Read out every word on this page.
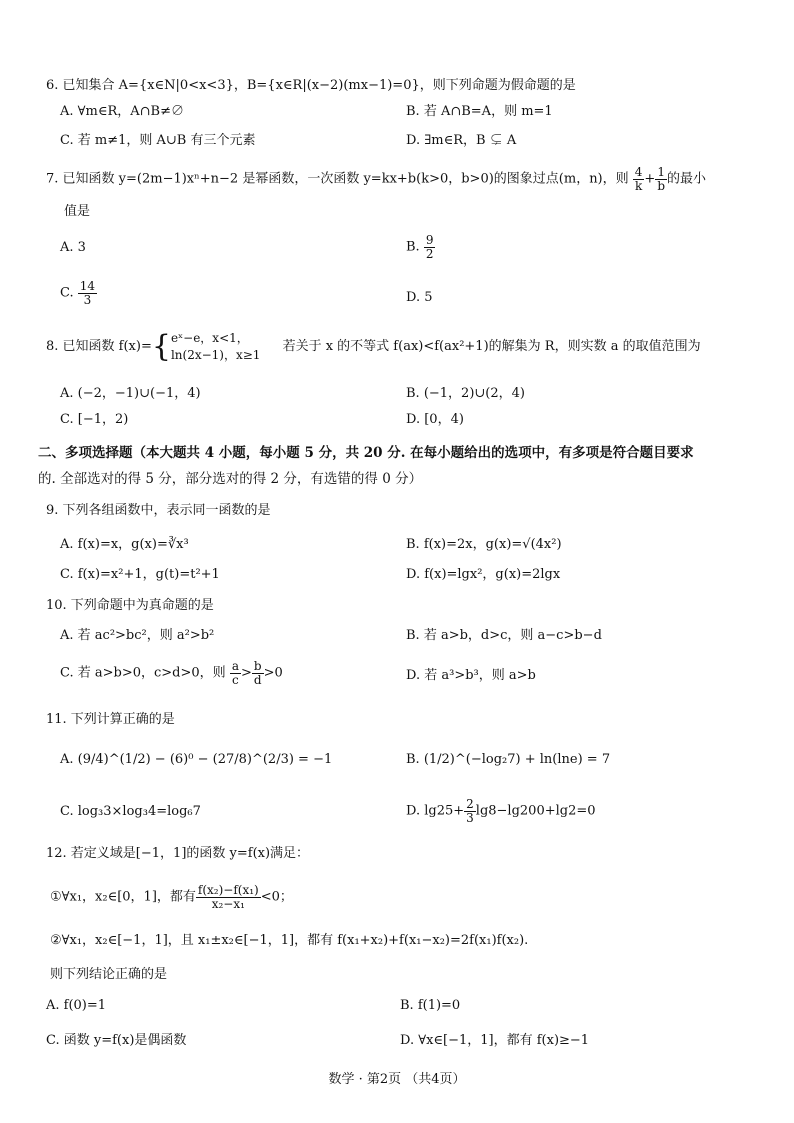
6. 已知集合 A={x∈N|0<x<3}，B={x∈R|(x−2)(mx−1)=0}，则下列命题为假命题的是
A. ∀m∈R，A∩B≠∅	B. 若 A∩B=A，则 m=1
C. 若 m≠1，则 A∪B 有三个元素	D. ∃m∈R，B ⊊ A
7. 已知函数 y=(2m−1)xⁿ+n−2 是幂函数，一次函数 y=kx+b(k>0，b>0)的图象过点(m，n)，则 $\frac{4}{k} + \frac{1}{b}$ 的最小
值是
A. 3	B. $\frac{9}{2}$
C. $\frac{14}{3}$	D. 5
8. 已知函数 f(x)={ eˣ−e，x<1，
ln(2x−1)，x≥1
若关于 x 的不等式 f(ax)<f(ax²+1)的解集为 R，则实数 a 的取值范围为
A. (−2，−1)∪(−1，4)	B. (−1，2)∪(2，4)
C. [−1，2)	D. [0，4)
二、多项选择题（本大题共 4 小题，每小题 5 分，共 20 分. 在每小题给出的选项中，有多项是符合题目要求
的. 全部选对的得 5 分，部分选对的得 2 分，有选错的得 0 分）
9. 下列各组函数中，表示同一函数的是
A. f(x)=x，g(x)=∛x³	B. f(x)=2x，g(x)=√(4x²)
C. f(x)=x²+1，g(t)=t²+1	D. f(x)=lgx²，g(x)=2lgx
10. 下列命题中为真命题的是
A. 若 ac²>bc²，则 a²>b²	B. 若 a>b，d>c，则 a−c>b−d
C. 若 a>b>0，c>d>0，则 $\frac{a}{c} > \frac{b}{d} >0$	D. 若 a³>b³，则 a>b
11. 下列计算正确的是
A. (9/4)^(1/2) − (6)⁰ − (27/8)^(2/3) = −1	B. (1/2)^(−log₂7) + ln(lne) = 7
C. log₃3×log₃4=log₆7	D. $\lg 25+ \frac{2}{3} \lg 8-\lg 200+\lg 2=0$
12. 若定义域是[−1，1]的函数 y=f(x)满足：
①∀x₁，x₂∈[0，1]，都有 $\frac{\text{f(x₂)−f(x₁)}}{\text{x₂−x₁}} <0$；
②∀x₁，x₂∈[−1，1]，且 x₁±x₂∈[−1，1]，都有 f(x₁+x₂)+f(x₁−x₂)=2f(x₁)f(x₂).
则下列结论正确的是
A. f(0)=1	B. f(1)=0
C. 函数 y=f(x)是偶函数	D. ∀x∈[−1，1]，都有 f(x)≥−1
数学 · 第2页 （共4页）
